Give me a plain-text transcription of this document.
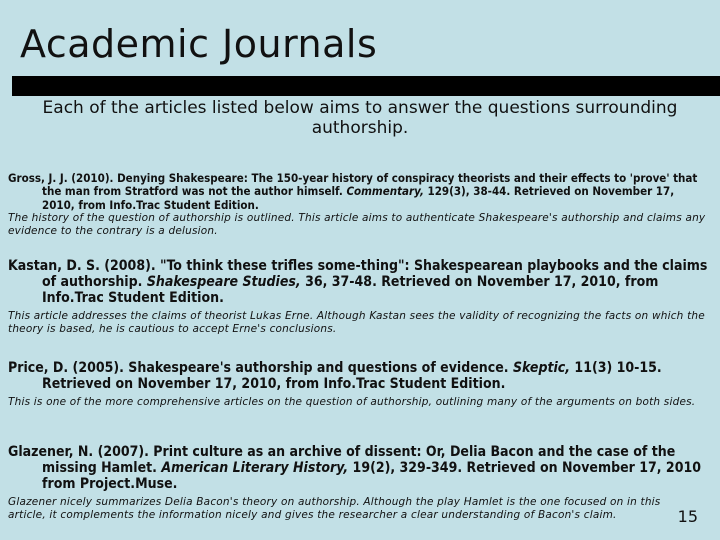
Academic Journals
Each of the articles listed below aims to answer the questions surrounding authorship.

Gross, J. J. (2010). Denying Shakespeare: The 150-year history of conspiracy theorists and their effects to 'prove' that the man from Stratford was not the author himself. Commentary, 129(3), 38-44. Retrieved on November 17, 2010, from Info.Trac Student Edition.

The history of the question of authorship is outlined. This article aims to authenticate Shakespeare's authorship and claims any evidence to the contrary is a delusion.

Kastan, D. S. (2008). "To think these trifles some-thing": Shakespearean playbooks and the claims of authorship. Shakespeare Studies, 36, 37-48. Retrieved on November 17, 2010, from Info.Trac Student Edition.

This article addresses the claims of theorist Lukas Erne. Although Kastan sees the validity of recognizing the facts on which the theory is based, he is cautious to accept Erne's conclusions.

Price, D. (2005). Shakespeare's authorship and questions of evidence. Skeptic, 11(3) 10-15. Retrieved on November 17, 2010, from Info.Trac Student Edition.

This is one of the more comprehensive articles on the question of authorship, outlining many of the arguments on both sides.

Glazener, N. (2007). Print culture as an archive of dissent: Or, Delia Bacon and the case of the missing Hamlet. American Literary History, 19(2), 329-349. Retrieved on November 17, 2010 from Project.Muse.

Glazener nicely summarizes Delia Bacon's theory on authorship. Although the play Hamlet is the one focused on in this article, it complements the information nicely and gives the researcher a clear understanding of Bacon's claim.	15
